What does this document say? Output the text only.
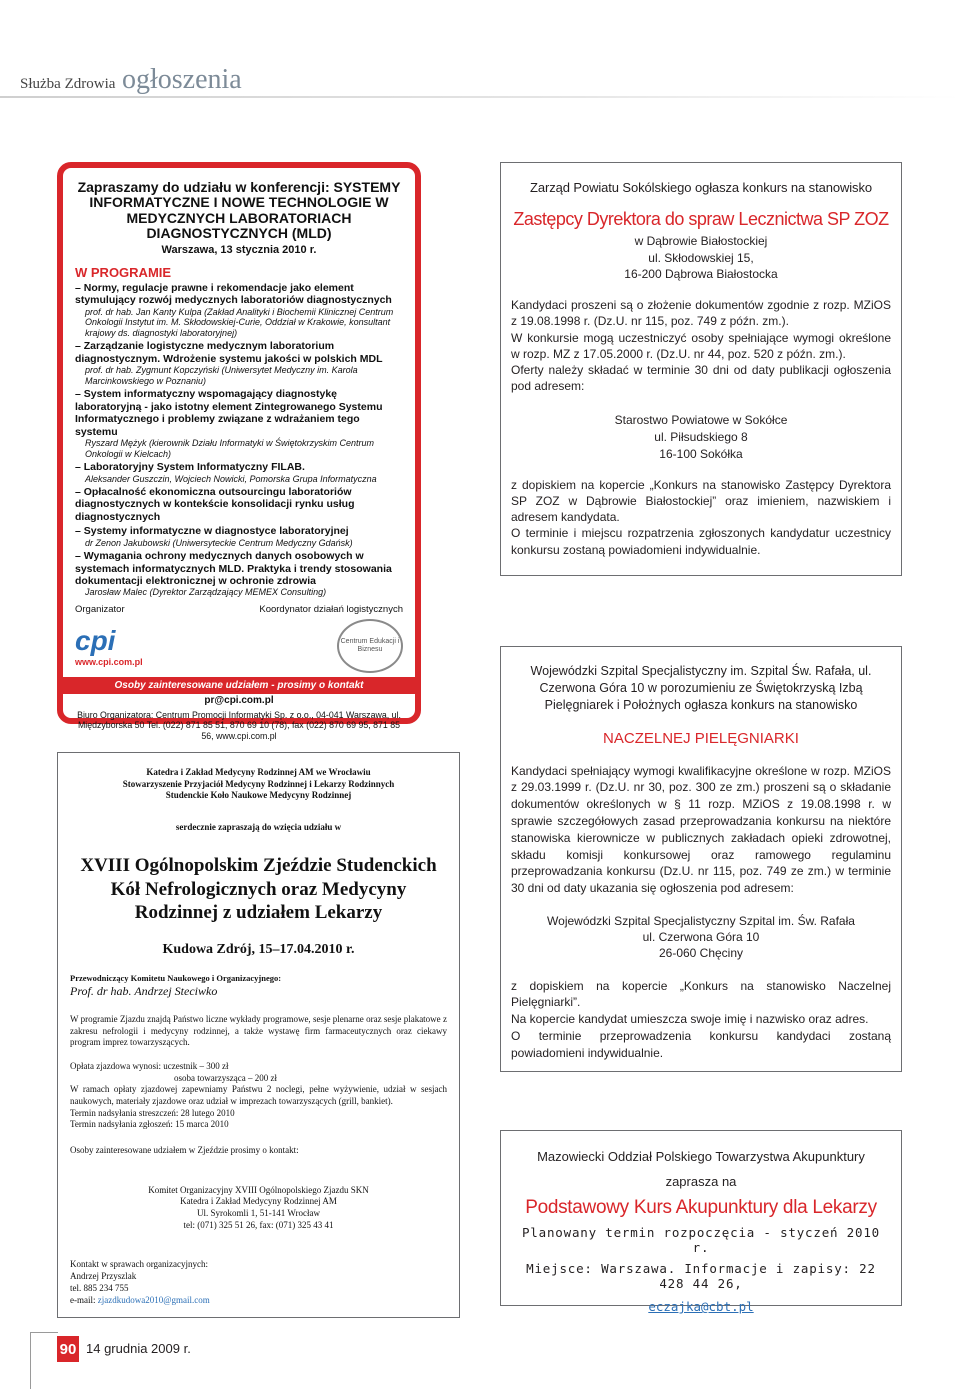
Służba Zdrowia ogłoszenia
Zapraszamy do udziału w konferencji: SYSTEMY INFORMATYCZNE I NOWE TECHNOLOGIE W MEDYCZNYCH LABORATORIACH DIAGNOSTYCZNYCH (MLD)
Warszawa, 13 stycznia 2010 r.
W PROGRAMIE
– Normy, regulacje prawne i rekomendacje jako element stymulujący rozwój medycznych laboratoriów diagnostycznych
prof. dr hab. Jan Kanty Kulpa (Zakład Analityki i Biochemii Klinicznej Centrum Onkologii Instytut im. M. Skłodowskiej-Curie, Oddział w Krakowie, konsultant krajowy ds. diagnostyki laboratoryjnej)
– Zarządzanie logistyczne medycznym laboratorium diagnostycznym. Wdrożenie systemu jakości w polskich MDL
prof. dr hab. Zygmunt Kopczyński (Uniwersytet Medyczny im. Karola Marcinkowskiego w Poznaniu)
– System informatyczny wspomagający diagnostykę laboratoryjną - jako istotny element Zintegrowanego Systemu Informatycznego i problemy związane z wdrażaniem tego systemu
Ryszard Mężyk (kierownik Działu Informatyki w Świętokrzyskim Centrum Onkologii w Kielcach)
– Laboratoryjny System Informatyczny FILAB.
Aleksander Guszczin, Wojciech Nowicki, Pomorska Grupa Informatyczna
– Opłacalność ekonomiczna outsourcingu laboratoriów diagnostycznych w kontekście konsolidacji rynku usług diagnostycznych
– Systemy informatyczne w diagnostyce laboratoryjnej
dr Zenon Jakubowski (Uniwersyteckie Centrum Medyczny Gdańsk)
– Wymagania ochrony medycznych danych osobowych w systemach informatycznych MLD. Praktyka i trendy stosowania dokumentacji elektronicznej w ochronie zdrowia
Jarosław Malec (Dyrektor Zarządzający MEMEX Consulting)
Organizator	Koordynator działań logistycznych
cpi
www.cpi.com.pl
Centrum Edukacji i Biznesu
Osoby zainteresowane udziałem - prosimy o kontakt
pr@cpi.com.pl
Biuro Organizatora: Centrum Promocji Informatyki Sp. z o.o., 04-041 Warszawa, ul. Międzyborska 50 Tel. (022) 871 85 51, 870 69 10 (78), fax (022) 870 69 95, 871 85 56, www.cpi.com.pl
Zarząd Powiatu Sokólskiego ogłasza konkurs na stanowisko
Zastępcy Dyrektora do spraw Lecznictwa SP ZOZ
w Dąbrowie Białostockiej
ul. Skłodowskiej 15,
16-200 Dąbrowa Białostocka

Kandydaci proszeni są o złożenie dokumentów zgodnie z rozp. MZiOS z 19.08.1998 r. (Dz.U. nr 115, poz. 749 z późn. zm.).

W konkursie mogą uczestniczyć osoby spełniające wymogi określone w rozp. MZ z 17.05.2000 r. (Dz.U. nr 44, poz. 520 z późn. zm.).

Oferty należy składać w terminie 30 dni od daty publikacji ogłoszenia pod adresem:

Starostwo Powiatowe w Sokółce
ul. Piłsudskiego 8
16-100 Sokółka

z dopiskiem na kopercie „Konkurs na stanowisko Zastępcy Dyrektora SP ZOZ w Dąbrowie Białostockiej” oraz imieniem, nazwiskiem i adresem kandydata.

O terminie i miejscu rozpatrzenia zgłoszonych kandydatur uczestnicy konkursu zostaną powiadomieni indywidualnie.

Wojewódzki Szpital Specjalistyczny im. Szpital Św. Rafała, ul. Czerwona Góra 10 w porozumieniu ze Świętokrzyską Izbą Pielęgniarek i Położnych ogłasza konkurs na stanowisko
NACZELNEJ PIELĘGNIARKI
Kandydaci spełniający wymogi kwalifikacyjne określone w rozp. MZiOS z 29.03.1999 r. (Dz.U. nr 30, poz. 300 ze zm.) proszeni są o składanie dokumentów określonych w § 11 rozp. MZiOS z 19.08.1998 r. w sprawie szczegółowych zasad przeprowadzania konkursu na niektóre stanowiska kierownicze w publicznych zakładach opieki zdrowotnej, składu komisji konkursowej oraz ramowego regulaminu przeprowadzania konkursu (Dz.U. nr 115, poz. 749 ze zm.) w terminie 30 dni od daty ukazania się ogłoszenia pod adresem:
Wojewódzki Szpital Specjalistyczny Szpital im. Św. Rafała
ul. Czerwona Góra 10
26-060 Chęciny

z dopiskiem na kopercie „Konkurs na stanowisko Naczelnej Pielęgniarki”.

Na kopercie kandydat umieszcza swoje imię i nazwisko oraz adres.

O terminie przeprowadzenia konkursu kandydaci zostaną powiadomieni indywidualnie.

Mazowiecki Oddział Polskiego Towarzystwa Akupunktury
zaprasza na
Podstawowy Kurs Akupunktury dla Lekarzy
Planowany termin rozpoczęcia - styczeń 2010 r.
Miejsce: Warszawa. Informacje i zapisy: 22 428 44 26,
eczajka@cbt.pl
Katedra i Zakład Medycyny Rodzinnej AM we Wrocławiu
Stowarzyszenie Przyjaciół Medycyny Rodzinnej i Lekarzy Rodzinnych
Studenckie Koło Naukowe Medycyny Rodzinnej
serdecznie zapraszają do wzięcia udziału w
XVIII Ogólnopolskim Zjeździe Studenckich Kół Nefrologicznych oraz Medycyny Rodzinnej z udziałem Lekarzy
Kudowa Zdrój, 15–17.04.2010 r.
Przewodniczący Komitetu Naukowego i Organizacyjnego:
Prof. dr hab. Andrzej Steciwko

W programie Zjazdu znajdą Państwo liczne wykłady programowe, sesje plenarne oraz sesje plakatowe z zakresu nefrologii i medycyny rodzinnej, a także wystawę firm farmaceutycznych oraz ciekawy program imprez towarzyszących.

Opłata zjazdowa wynosi: uczestnik – 300 zł

osoba towarzysząca – 200 zł

W ramach opłaty zjazdowej zapewniamy Państwu 2 noclegi, pełne wyżywienie, udział w sesjach naukowych, materiały zjazdowe oraz udział w imprezach towarzyszących (grill, bankiet).

Termin nadsyłania streszczeń: 28 lutego 2010
Termin nadsyłania zgłoszeń: 15 marca 2010
Osoby zainteresowane udziałem w Zjeździe prosimy o kontakt:
Komitet Organizacyjny XVIII Ogólnopolskiego Zjazdu SKN
Katedra i Zakład Medycyny Rodzinnej AM
Ul. Syrokomli 1, 51-141 Wrocław
tel: (071) 325 51 26, fax: (071) 325 43 41
Kontakt w sprawach organizacyjnych:
Andrzej Przyszlak
tel. 885 234 755
e-mail: zjazdkudowa2010@gmail.com
90 14 grudnia 2009 r.
